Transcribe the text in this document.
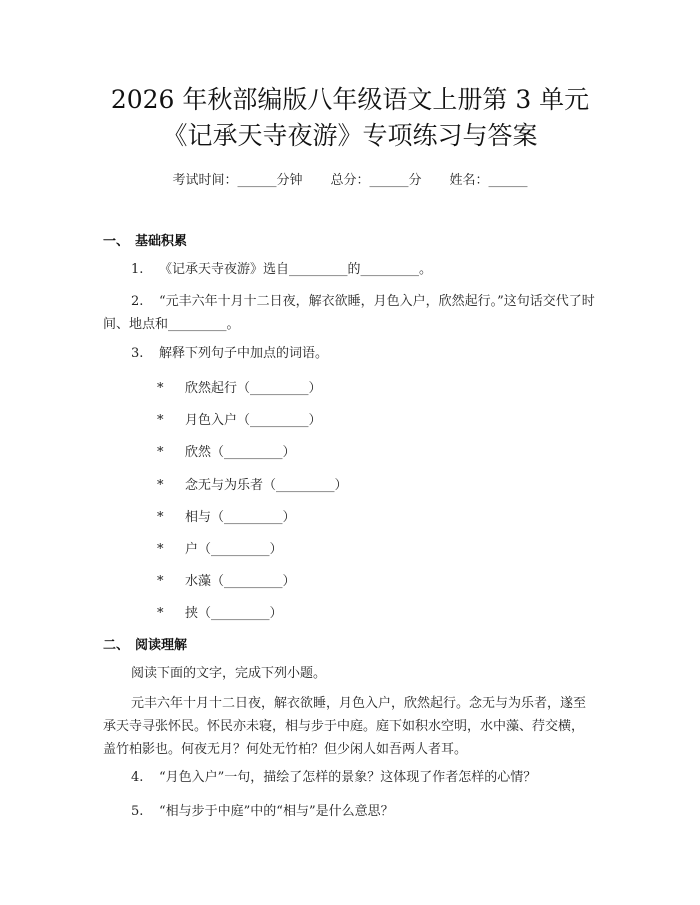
2026 年秋部编版八年级语文上册第 3 单元
《记承天寺夜游》专项练习与答案
考试时间：______分钟 总分：______分 姓名：______
一、 基础积累
1. 《记承天寺夜游》选自_________的_________。
2. “元丰六年十月十二日夜，解衣欲睡，月色入户，欣然起行。”这句话交代了时间、地点和_________。
3. 解释下列句子中加点的词语。
* 欣然起行（_________）
* 月色入户（_________）
* 欣然（_________）
* 念无与为乐者（_________）
* 相与（_________）
* 户（_________）
* 水藻（_________）
* 挟（_________）
二、 阅读理解
阅读下面的文字，完成下列小题。
元丰六年十月十二日夜，解衣欲睡，月色入户，欣然起行。念无与为乐者，遂至承天寺寻张怀民。怀民亦未寝，相与步于中庭。庭下如积水空明，水中藻、荇交横，盖竹柏影也。何夜无月？何处无竹柏？但少闲人如吾两人者耳。
4. “月色入户”一句，描绘了怎样的景象？这体现了作者怎样的心情？
5. “相与步于中庭”中的“相与”是什么意思？
